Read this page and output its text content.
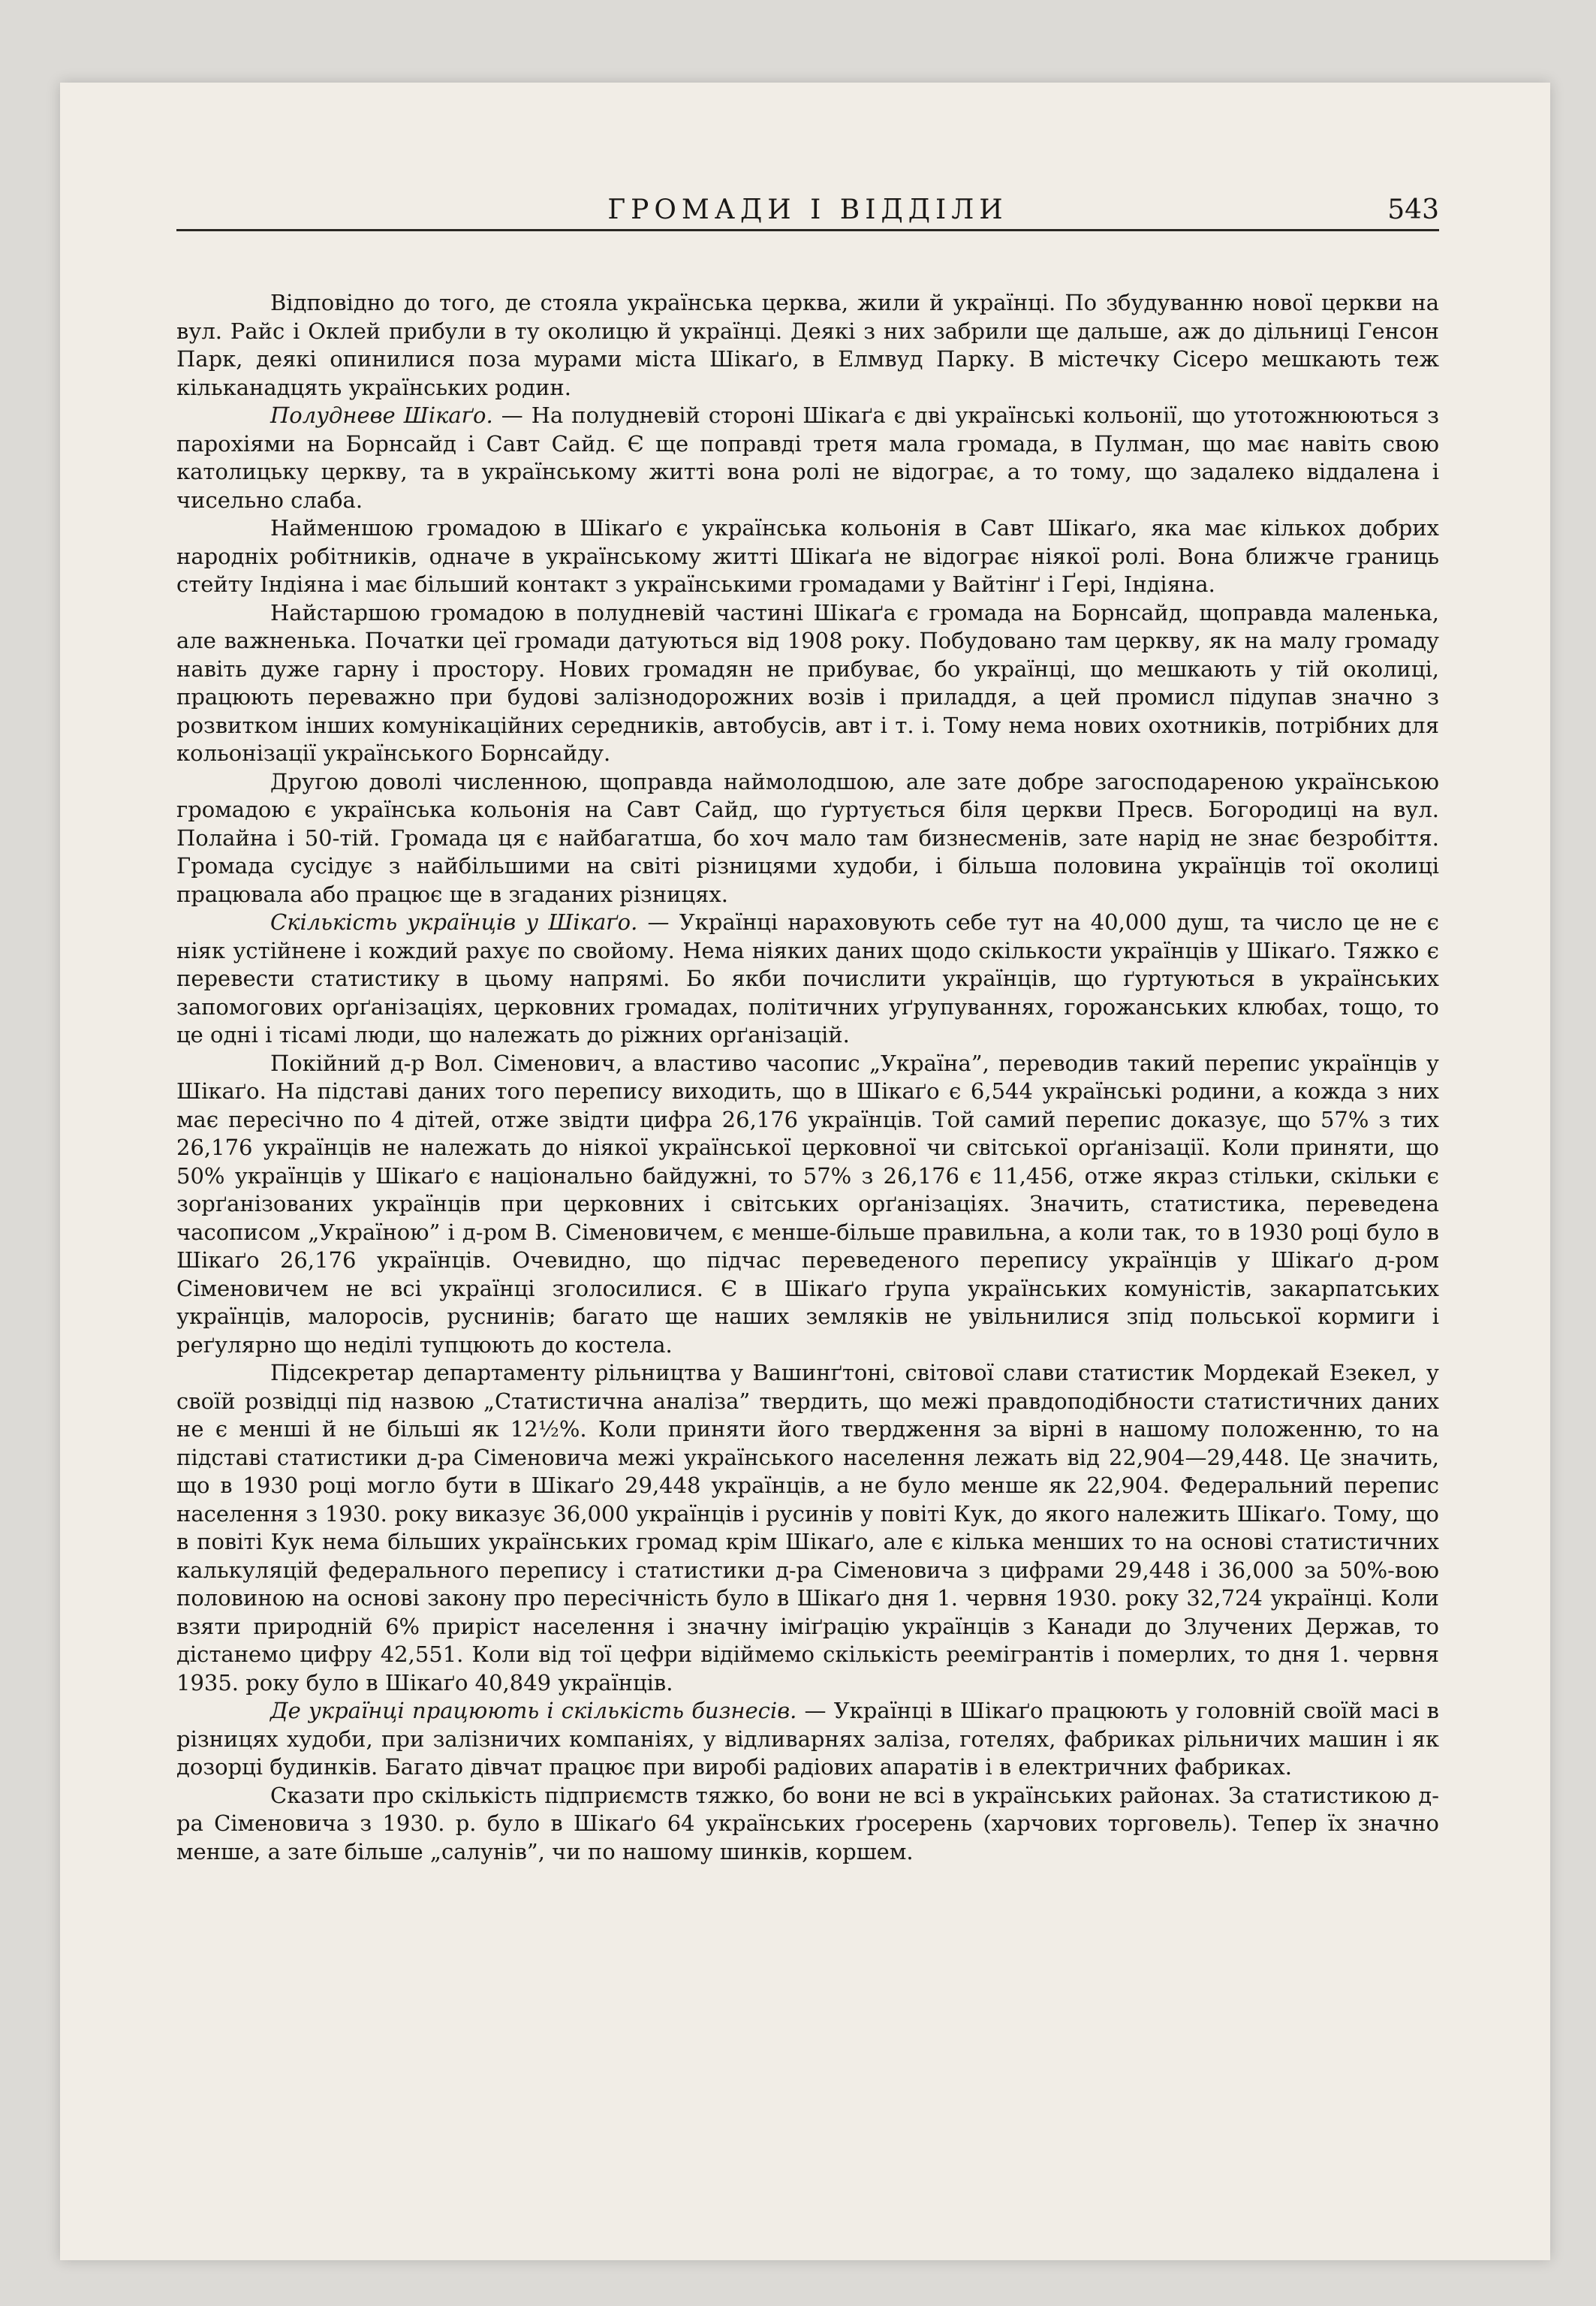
ГРОМАДИ І ВІДДІЛИ	543

Відповідно до того, де стояла українська церква, жили й українці. По збудуванню нової церкви на вул. Райс і Оклей прибули в ту околицю й українці. Деякі з них забрили ще дальше, аж до дільниці Генсон Парк, деякі опинилися поза мурами міста Шікаґо, в Елмвуд Парку. В містечку Сісеро мешкають теж кільканадцять українських родин.

Полудневе Шікаґо. — На полудневій стороні Шікаґа є дві українські кольонії, що утотожнюються з парохіями на Борнсайд і Савт Сайд. Є ще поправді третя мала громада, в Пулман, що має навіть свою католицьку церкву, та в українському житті вона ролі не відограє, а то тому, що задалеко віддалена і чисельно слаба.

Найменшою громадою в Шікаґо є українська кольонія в Савт Шікаґо, яка має кількох добрих народніх робітників, одначе в українському житті Шікаґа не відограє ніякої ролі. Вона ближче границь стейту Індіяна і має більший контакт з українськими громадами у Вайтінґ і Ґері, Індіяна.

Найстаршою громадою в полудневій частині Шікаґа є громада на Борнсайд, щоправда маленька, але важненька. Початки цеї громади датуються від 1908 року. Побудовано там церкву, як на малу громаду навіть дуже гарну і простору. Нових громадян не прибуває, бо українці, що мешкають у тій околиці, працюють переважно при будові залізнодорожних возів і приладдя, а цей промисл підупав значно з розвитком інших комунікаційних середників, автобусів, авт і т. і. Тому нема нових охотників, потрібних для кольонізації українського Борнсайду.

Другою доволі численною, щоправда наймолодшою, але зате добре загосподареною українською громадою є українська кольонія на Савт Сайд, що ґуртується біля церкви Пресв. Богородиці на вул. Полайна і 50-тій. Громада ця є найбагатша, бо хоч мало там бизнесменів, зате нарід не знає безробіття. Громада сусідує з найбільшими на світі різницями худоби, і більша половина українців тої околиці працювала або працює ще в згаданих різницях.

Скількість українців у Шікаґо. — Українці нараховують себе тут на 40,000 душ, та число це не є ніяк устійнене і кождий рахує по свойому. Нема ніяких даних щодо скількости українців у Шікаґо. Тяжко є перевести статистику в цьому напрямі. Бо якби почислити українців, що ґуртуються в українських запомогових орґанізаціях, церковних громадах, політичних уґрупуваннях, горожанських клюбах, тощо, то це одні і тісамі люди, що належать до ріжних орґанізацій.

Покійний д-р Вол. Сіменович, а властиво часопис „Україна”, переводив такий перепис українців у Шікаґо. На підставі даних того перепису виходить, що в Шікаґо є 6,544 українські родини, а кожда з них має пересічно по 4 дітей, отже звідти цифра 26,176 українців. Той самий перепис доказує, що 57% з тих 26,176 українців не належать до ніякої української церковної чи світської орґанізації. Коли приняти, що 50% українців у Шікаґо є національно байдужні, то 57% з 26,176 є 11,456, отже якраз стільки, скільки є зорґанізованих українців при церковних і світських орґанізаціях. Значить, статистика, переведена часописом „Україною” і д-ром В. Сіменовичем, є менше-більше правильна, а коли так, то в 1930 році було в Шікаґо 26,176 українців. Очевидно, що підчас переведеного перепису українців у Шікаґо д-ром Сіменовичем не всі українці зголосилися. Є в Шікаґо ґрупа українських комуністів, закарпатських українців, малоросів, руснинів; багато ще наших земляків не увільнилися зпід польської кормиги і реґулярно що неділі тупцюють до костела.

Підсекретар департаменту рільництва у Вашинґтоні, світової слави статистик Мордекай Езекел, у своїй розвідці під назвою „Статистична аналіза” твердить, що межі правдоподібности статистичних даних не є менші й не більші як 12½%. Коли приняти його твердження за вірні в нашому положенню, то на підставі статистики д-ра Сіменовича межі українського населення лежать від 22,904—29,448. Це значить, що в 1930 році могло бути в Шікаґо 29,448 українців, а не було менше як 22,904. Федеральний перепис населення з 1930. року виказує 36,000 українців і русинів у повіті Кук, до якого належить Шікаґо. Тому, що в повіті Кук нема більших українських громад крім Шікаґо, але є кілька менших то на основі статистичних калькуляцій федерального перепису і статистики д-ра Сіменовича з цифрами 29,448 і 36,000 за 50%-вою половиною на основі закону про пересічність було в Шікаґо дня 1. червня 1930. року 32,724 українці. Коли взяти природній 6% приріст населення і значну іміґрацію українців з Канади до Злучених Держав, то дістанемо цифру 42,551. Коли від тої цефри відіймемо скількість реемігрантів і померлих, то дня 1. червня 1935. року було в Шікаґо 40,849 українців.

Де українці працюють і скількість бизнесів. — Українці в Шікаґо працюють у головній своїй масі в різницях худоби, при залізничих компаніях, у відливарнях заліза, готелях, фабриках рільничих машин і як дозорці будинків. Багато дівчат працює при виробі радіових апаратів і в електричних фабриках.

Сказати про скількість підприємств тяжко, бо вони не всі в українських районах. За статистикою д-ра Сіменовича з 1930. р. було в Шікаґо 64 українських ґросерень (харчових торговель). Тепер їх значно менше, а зате більше „салунів”, чи по нашому шинків, коршем.
